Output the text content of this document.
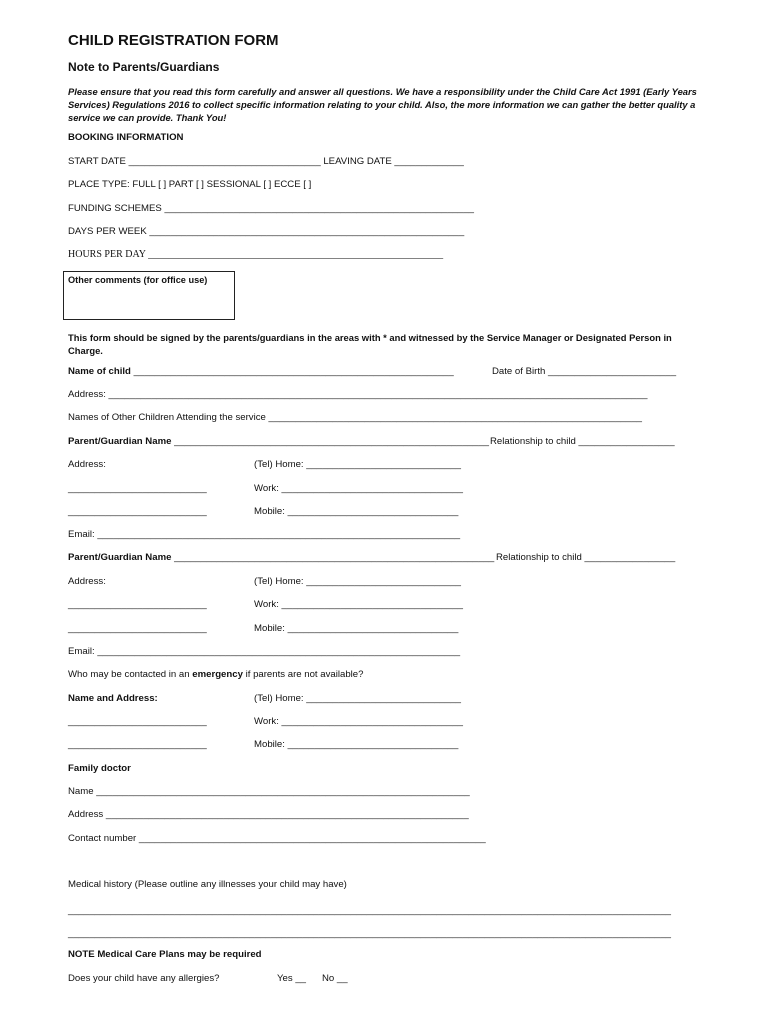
CHILD REGISTRATION FORM
Note to Parents/Guardians
Please ensure that you read this form carefully and answer all questions. We have a responsibility under the Child Care Act 1991 (Early Years Services) Regulations 2016 to collect specific information relating to your child. Also, the more information we can gather the better quality a service we can provide. Thank You!
BOOKING INFORMATION
START DATE ____________________________________ LEAVING DATE _____________
PLACE TYPE: FULL [ ] PART [ ] SESSIONAL [ ] ECCE [ ]
FUNDING SCHEMES __________________________________________________________
DAYS PER WEEK ___________________________________________________________
HOURS PER DAY ___________________________________________________________
Other comments (for office use)
This form should be signed by the parents/guardians in the areas with * and witnessed by the Service Manager or Designated Person in Charge.
Name of child ____________________________________________________________	Date of Birth ________________________
Address: _____________________________________________________________________________________________________
Names of Other Children Attending the service ______________________________________________________________________
Parent/Guardian Name ___________________________________________________________ Relationship to child __________________
Address:	(Tel) Home: _____________________________
__________________________	Work: __________________________________
__________________________	Mobile: ________________________________
Email: ____________________________________________________________________
Parent/Guardian Name ____________________________________________________________ Relationship to child _________________
Address:	(Tel) Home: _____________________________
__________________________	Work: __________________________________
__________________________	Mobile: ________________________________
Email: ____________________________________________________________________
Who may be contacted in an emergency if parents are not available?
Name and Address:	(Tel) Home: _____________________________
__________________________	Work: __________________________________
__________________________	Mobile: ________________________________
Family doctor
Name ______________________________________________________________________
Address ____________________________________________________________________
Contact number _________________________________________________________________
Medical history (Please outline any illnesses your child may have)
_________________________________________________________________________________________________________________
_________________________________________________________________________________________________________________
NOTE Medical Care Plans may be required
Does your child have any allergies?	Yes __ No __
